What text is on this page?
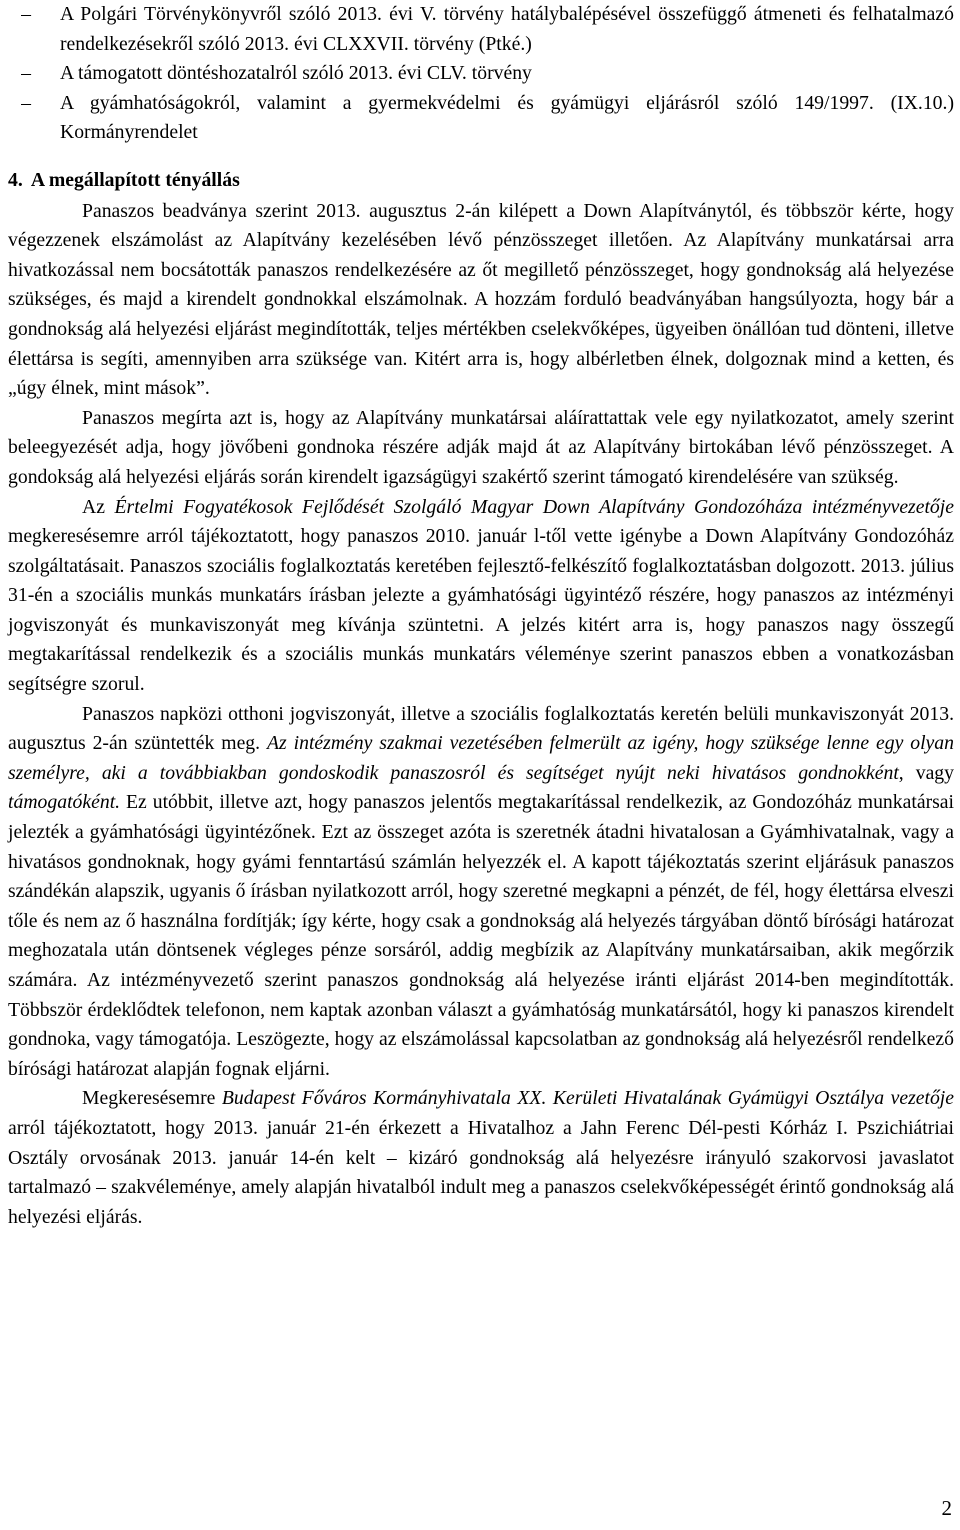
–	A Polgári Törvénykönyvről szóló 2013. évi V. törvény hatálybalépésével összefüggő átmeneti és felhatalmazó rendelkezésekről szóló 2013. évi CLXXVII. törvény (Ptké.)
–	A támogatott döntéshozatalról szóló 2013. évi CLV. törvény
–	A gyámhatóságokról, valamint a gyermekvédelmi és gyámügyi eljárásról szóló 149/1997. (IX.10.) Kormányrendelet
4. A megállapított tényállás

Panaszos beadványa szerint 2013. augusztus 2-án kilépett a Down Alapítványtól, és többször kérte, hogy végezzenek elszámolást az Alapítvány kezelésében lévő pénzösszeget illetően. Az Alapítvány munkatársai arra hivatkozással nem bocsátották panaszos rendelkezésére az őt megillető pénzösszeget, hogy gondnokság alá helyezése szükséges, és majd a kirendelt gondnokkal elszámolnak. A hozzám forduló beadványában hangsúlyozta, hogy bár a gondnokság alá helyezési eljárást megindították, teljes mértékben cselekvőképes, ügyeiben önállóan tud dönteni, illetve élettársa is segíti, amennyiben arra szüksége van. Kitért arra is, hogy albérletben élnek, dolgoznak mind a ketten, és „úgy élnek, mint mások”.

Panaszos megírta azt is, hogy az Alapítvány munkatársai aláírattattak vele egy nyilatkozatot, amely szerint beleegyezését adja, hogy jövőbeni gondnoka részére adják majd át az Alapítvány birtokában lévő pénzösszeget. A gondokság alá helyezési eljárás során kirendelt igazságügyi szakértő szerint támogató kirendelésére van szükség.

Az Értelmi Fogyatékosok Fejlődését Szolgáló Magyar Down Alapítvány Gondozóháza intézményvezetője megkeresésemre arról tájékoztatott, hogy panaszos 2010. január l-től vette igénybe a Down Alapítvány Gondozóház szolgáltatásait. Panaszos szociális foglalkoztatás keretében fejlesztő-felkészítő foglalkoztatásban dolgozott. 2013. július 31-én a szociális munkás munkatárs írásban jelezte a gyámhatósági ügyintéző részére, hogy panaszos az intézményi jogviszonyát és munkaviszonyát meg kívánja szüntetni. A jelzés kitért arra is, hogy panaszos nagy összegű megtakarítással rendelkezik és a szociális munkás munkatárs véleménye szerint panaszos ebben a vonatkozásban segítségre szorul.

Panaszos napközi otthoni jogviszonyát, illetve a szociális foglalkoztatás keretén belüli munkaviszonyát 2013. augusztus 2-án szüntették meg. Az intézmény szakmai vezetésében felmerült az igény, hogy szüksége lenne egy olyan személyre, aki a továbbiakban gondoskodik panaszosról és segítséget nyújt neki hivatásos gondnokként, vagy támogatóként. Ez utóbbit, illetve azt, hogy panaszos jelentős megtakarítással rendelkezik, az Gondozóház munkatársai jelezték a gyámhatósági ügyintézőnek. Ezt az összeget azóta is szeretnék átadni hivatalosan a Gyámhivatalnak, vagy a hivatásos gondnoknak, hogy gyámi fenntartású számlán helyezzék el. A kapott tájékoztatás szerint eljárásuk panaszos szándékán alapszik, ugyanis ő írásban nyilatkozott arról, hogy szeretné megkapni a pénzét, de fél, hogy élettársa elveszi tőle és nem az ő használna fordítják; így kérte, hogy csak a gondnokság alá helyezés tárgyában döntő bírósági határozat meghozatala után döntsenek végleges pénze sorsáról, addig megbízik az Alapítvány munkatársaiban, akik megőrzik számára. Az intézményvezető szerint panaszos gondnokság alá helyezése iránti eljárást 2014-ben megindították. Többször érdeklődtek telefonon, nem kaptak azonban választ a gyámhatóság munkatársától, hogy ki panaszos kirendelt gondnoka, vagy támogatója. Leszögezte, hogy az elszámolással kapcsolatban az gondnokság alá helyezésről rendelkező bírósági határozat alapján fognak eljárni.

Megkeresésemre Budapest Főváros Kormányhivatala XX. Kerületi Hivatalának Gyámügyi Osztálya vezetője arról tájékoztatott, hogy 2013. január 21-én érkezett a Hivatalhoz a Jahn Ferenc Dél-pesti Kórház I. Pszichiátriai Osztály orvosának 2013. január 14-én kelt – kizáró gondnokság alá helyezésre irányuló szakorvosi javaslatot tartalmazó – szakvéleménye, amely alapján hivatalból indult meg a panaszos cselekvőképességét érintő gondnokság alá helyezési eljárás.

2
